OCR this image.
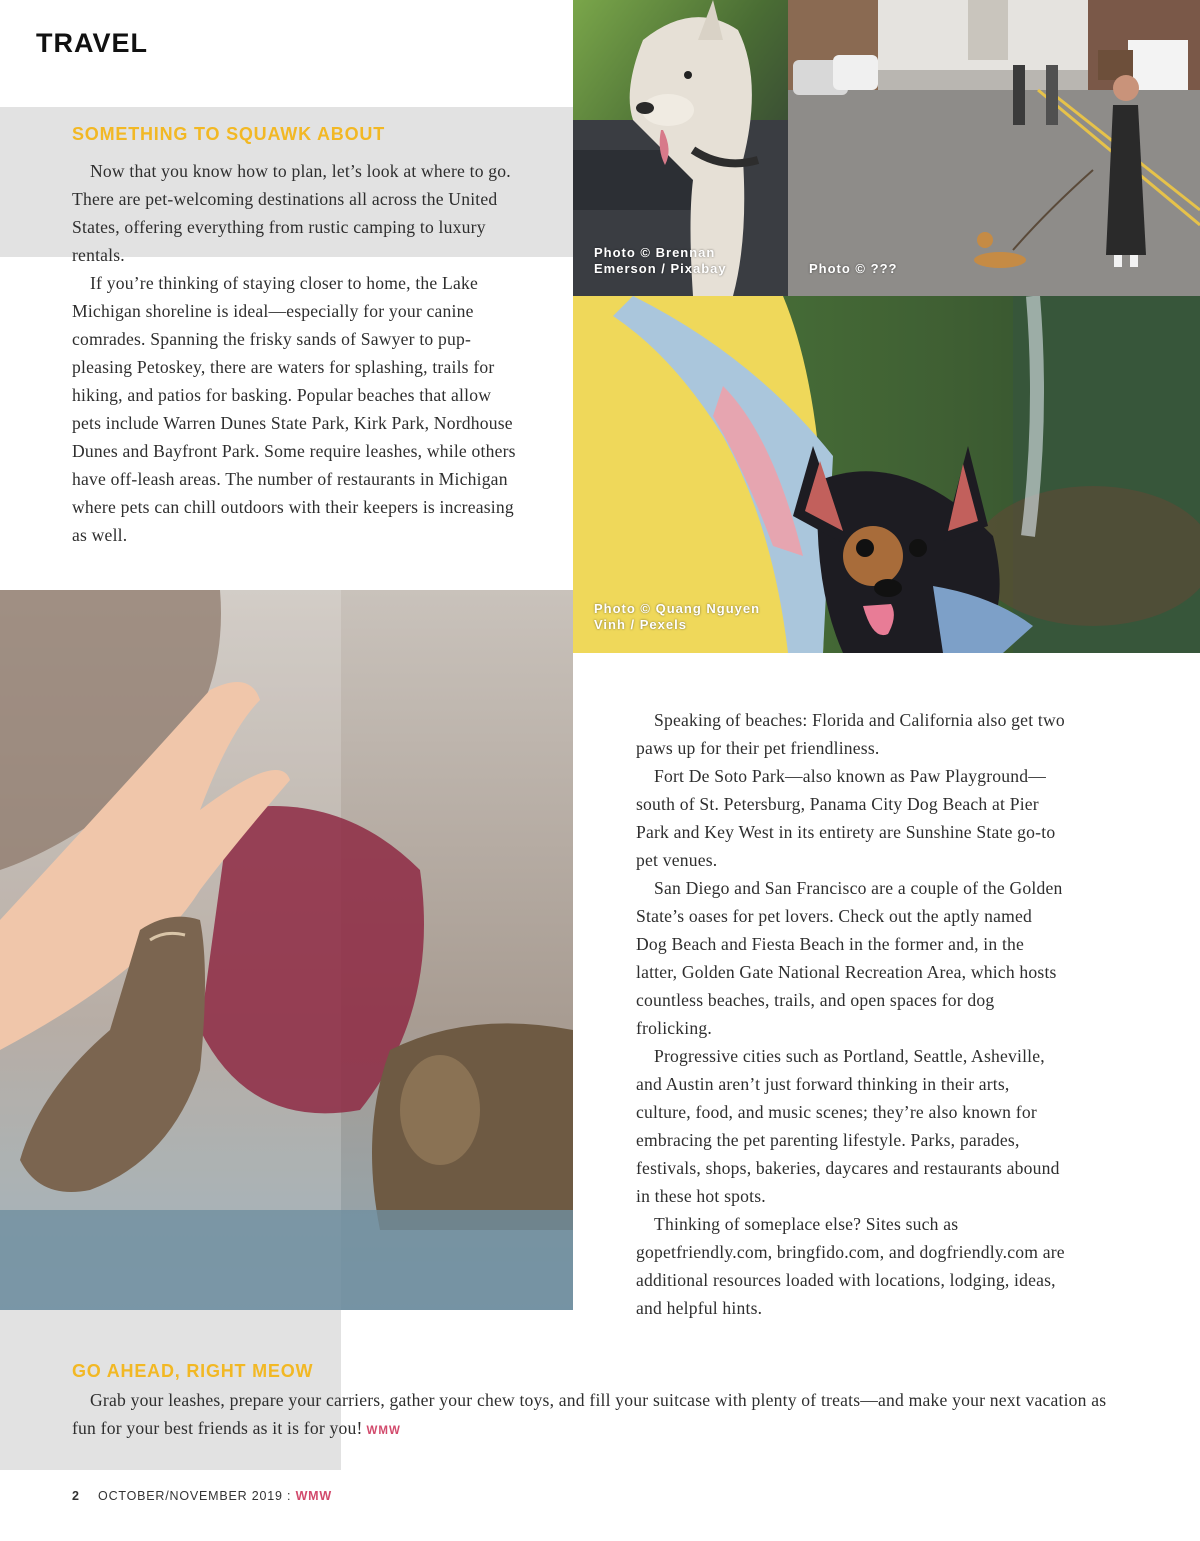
TRAVEL
SOMETHING TO SQUAWK ABOUT

Now that you know how to plan, let’s look at where to go. There are pet-welcoming destinations all across the United States, offering everything from rustic camping to luxury rentals.

If you’re thinking of staying closer to home, the Lake Michigan shoreline is ideal—especially for your canine comrades. Spanning the frisky sands of Sawyer to pup-pleasing Petoskey, there are waters for splashing, trails for hiking, and patios for basking. Popular beaches that allow pets include Warren Dunes State Park, Kirk Park, Nordhouse Dunes and Bayfront Park. Some require leashes, while others have off-leash areas. The number of restaurants in Michigan where pets can chill outdoors with their keepers is increasing as well.

Photo © Brennan
Emerson / Pixabay	Photo © ???
Photo © Quang Nguyen
Vinh / Pexels

Speaking of beaches: Florida and California also get two paws up for their pet friendliness.

Fort De Soto Park—also known as Paw Playground—south of St. Petersburg, Panama City Dog Beach at Pier Park and Key West in its entirety are Sunshine State go-to pet venues.

San Diego and San Francisco are a couple of the Golden State’s oases for pet lovers. Check out the aptly named Dog Beach and Fiesta Beach in the former and, in the latter, Golden Gate National Recreation Area, which hosts countless beaches, trails, and open spaces for dog frolicking.

Progressive cities such as Portland, Seattle, Asheville, and Austin aren’t just forward thinking in their arts, culture, food, and music scenes; they’re also known for embracing the pet parenting lifestyle. Parks, parades, festivals, shops, bakeries, daycares and restaurants abound in these hot spots.

Thinking of someplace else? Sites such as gopetfriendly.com, bringfido.com, and dogfriendly.com are additional resources loaded with locations, lodging, ideas, and helpful hints.

GO AHEAD, RIGHT MEOW

Grab your leashes, prepare your carriers, gather your chew toys, and fill your suitcase with plenty of treats—and make your next vacation as fun for your best friends as it is for you! WMW

2 OCTOBER/NOVEMBER 2019 : WMW
